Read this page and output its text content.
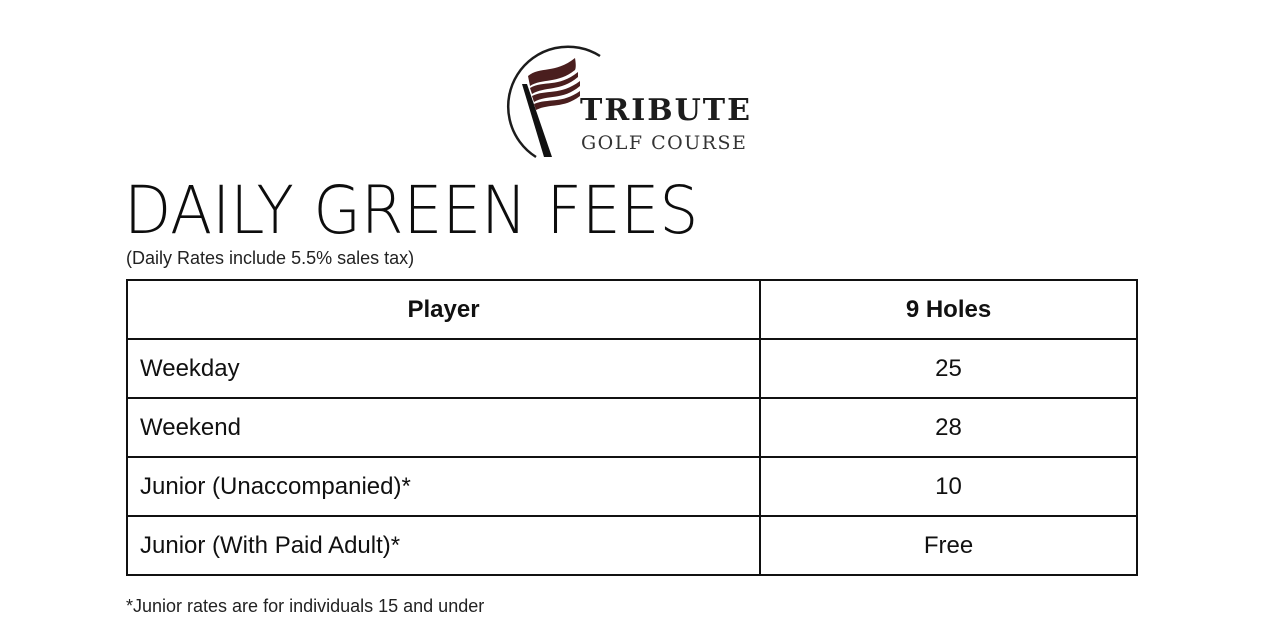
TRIBUTE
GOLF COURSE
DAILY GREEN FEES
(Daily Rates include 5.5% sales tax)
Player	9 Holes
Weekday	25
Weekend	28
Junior (Unaccompanied)*	10
Junior (With Paid Adult)*	Free
*Junior rates are for individuals 15 and under
